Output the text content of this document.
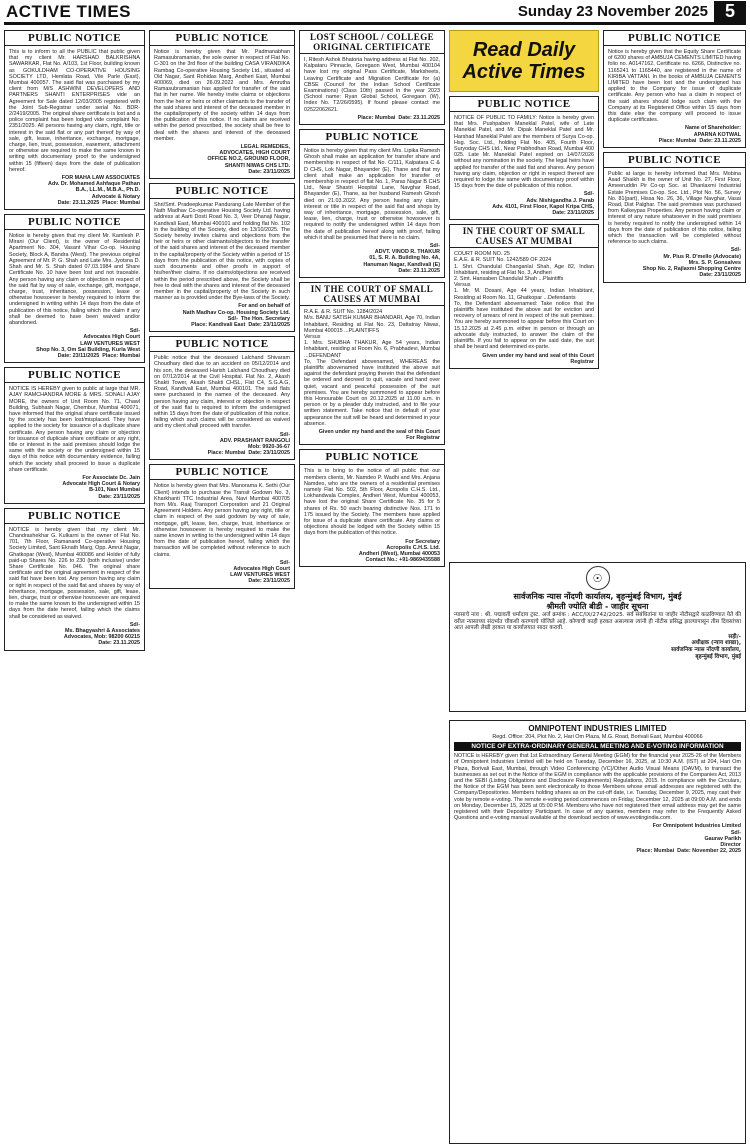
ACTIVE TIMES	Sunday 23 November 2025 5
PUBLIC NOTICE
This is to inform to all the PUBLIC that public given that my client Mr. HARSHAD BALKRISHNA SAWARKAR, Flat No. A/103, 1st Floor, building known as GOKULDHAM CO-OPERATIVE HOUSING SOCIETY LTD, Hemlata Road, Vile Parle (East), Mumbai 400057. The said flat was purchased by my client from M/S ASHWINI DEVELOPERS AND PARTNERS SHANTI ENTERPRISES vide an Agreement for Sale dated 12/03/2005 registered with the Joint Sub-Registrar under serial No. BDR-2/2419/2005. The original share certificate is lost and a police complaint has been lodged vide complaint No. 2351/2025. All persons having any claim, right, title or interest in the said flat or any part thereof by way of sale, gift, lease, inheritance, exchange, mortgage, charge, lien, trust, possession, easement, attachment or otherwise are required to make the same known in writing with documentary proof to the undersigned within 15 (fifteen) days from the date of publication hereof.
FOR MAHA LAW ASSOCIATES
Adv. Dr. Mohamed Ashfaque Pathan
B.A., LL.M., M.B.A., Ph.D.
Advocate & Notary
Date: 23.11.2025  Place: Mumbai
PUBLIC NOTICE
Notice is hereby given that my client Mr. Kamlesh P. Mirani (Our Client), is the owner of Residential Apartment No. 304, Vasant Vihar Co-op. Housing Society, Block A, Bandra (West). The previous original Agreement of Mr. P. G. Shah and Late Mrs. Jyotsna D. Shah and Mr. S. Shah dated 07.03.1984 and Share Certificate No. 10 have been lost and not traceable. Any person having any claim or objection in respect of the said flat by way of sale, exchange, gift, mortgage, charge, trust, inheritance, possession, lease or otherwise howsoever is hereby required to inform the undersigned in writing within 14 days from the date of publication of this notice, failing which the claim if any shall be deemed to have been waived and/or abandoned.
Sd/-
Advocates High Court
LAW VENTURES WEST
Shop No. 3, Om Sai Building, Kurla West
Date: 23/11/2025  Place: Mumbai
PUBLIC NOTICE
NOTICE IS HEREBY given to public at large that MR. AJAY RAMCHANDRA MORE & MRS. SONALI AJAY MORE, the owners of Unit Room No. 71, Chawl Building, Subhash Nagar, Chembur, Mumbai 400071, have informed that the original share certificate issued by the society has been lost/misplaced. They have applied to the society for issuance of a duplicate share certificate. Any person having any claim or objection for issuance of duplicate share certificate or any right, title or interest in the said premises should lodge the same with the society or the undersigned within 15 days of this notice with documentary evidence, failing which the society shall proceed to issue a duplicate share certificate.
For Associate Dc. Jain
Advocate High Court & Notary
B-101, Navi Mumbai
Date: 23/11/2025
PUBLIC NOTICE
NOTICE is hereby given that my client Mr. Chandrashekhar G. Kulkarni is the owner of Flat No. 701, 7th Floor, Ramanand Co-operative Housing Society Limited, Sant Eknath Marg, Opp. Amrut Nagar, Ghatkopar (West), Mumbai 400086 and Holder of fully paid-up Shares No. 226 to 230 (both inclusive) under Share Certificate No. 046. The original share certificate and the original agreement in respect of the said flat have been lost. Any person having any claim or right in respect of the said flat and shares by way of inheritance, mortgage, possession, sale, gift, lease, lien, charge, trust or otherwise howsoever are required to make the same known to the undersigned within 15 days from the date hereof, failing which the claims shall be considered as waived.
Sd/-
Ms. Bhagyashri & Associates
Advocates, Mob: 98200 60215
Date: 23.11.2025
PUBLIC NOTICE
Notice is hereby given that Mr. Padmanabhan Ramasubramanian, the sole owner in respect of Flat No. C-301 on the 3rd floor of the building CASA VIRANDIKA Rambag Co-operative Housing Society Ltd., situated at Old Nagar, Sant Rohidas Marg, Andheri East, Mumbai 400069, died on 26.09.2022 and Mrs. Amrutha Ramasubramanian has applied for transfer of the said flat in her name. We hereby invite claims or objections from the heir or heirs or other claimants to the transfer of the said shares and interest of the deceased member in the capital/property of the society within 14 days from the publication of this notice. If no claims are received within the period prescribed, the society shall be free to deal with the shares and interest of the deceased member.
LEGAL REMEDIES,
ADVOCATES, HIGH COURT
OFFICE NO.2, GROUND FLOOR,
SHANTI NIWAS CHS LTD.
Date: 23/11/2025
PUBLIC NOTICE
Shri/Smt. Pradeepkumar Pandurang Late Member of the Nath Madhav Co-operative Housing Society Ltd. having address at Aarti Dosti Road No. 3, Veer Dhanaji Nagar, Kandivali East, Mumbai 400101 and holding flat No. 102 in the building of the Society, died on 13/10/2025. The Society hereby invites claims and objections from the heir or heirs or other claimants/objectors to the transfer of the said shares and interest of the deceased member in the capital/property of the Society within a period of 15 days from the publication of this notice, with copies of such documents and other proofs in support of his/her/their claims. If no claims/objections are received within the period prescribed above, the Society shall be free to deal with the shares and interest of the deceased member in the capital/property of the Society in such manner as is provided under the Bye-laws of the Society.
For and on behalf of
Nath Madhav Co-op. Housing Society Ltd.
Sd/-  The Hon. Secretary
Place: Kandivali East  Date: 23/11/2025
PUBLIC NOTICE
Public notice that the deceased Lalchand Shivaram Choudhary died due to an accident on 05/12/2014 and his son, the deceased Harish Lalchand Choudhary died on 07/12/2014 at the Civil Hospital. Flat No. 2, Akash Shakti Tower, Akash Shakti CHSL, Flat C4, S.G.A.G, Road, Kandivali East, Mumbai 400101. The said flats were purchased in the names of the deceased. Any person having any claim, interest or objection in respect of the said flat is required to inform the undersigned within 15 days from the date of publication of this notice, failing which such claims will be considered as waived and my client shall proceed with transfer.
Sd/-
ADV. PRASHANT RANGOLI
Mob: 9920-36-67
Place: Mumbai  Date: 23/11/2025
PUBLIC NOTICE
Notice is hereby given that Mrs. Manorama K. Sethi (Our Client) intends to purchase the Transit Godown No. 3, Kharkhanti TTC Industrial Area, Navi Mumbai 400705 from M/s. Raaj Transport Corporation and 21 Original Agreement Holders. Any person having any right, title or claim in respect of the said godown by way of sale, mortgage, gift, lease, lien, charge, trust, inheritance or otherwise howsoever is hereby required to make the same known in writing to the undersigned within 14 days from the date of publication hereof, failing which the transaction will be completed without reference to such claims.
Sd/-
Advocates High Court
LAW VENTURES WEST
Date: 23/11/2025
LOST SCHOOL / COLLEGE ORIGINAL CERTIFICATE
I, Ritesh Ashok Bhatoria having address at Flat No. 202, Kalpataru Pinnacle, Goregaon West, Mumbai 400104 have lost my original Pass Certificate, Marksheets, Leaving Certificate and Migration Certificate for (a) CBSE (Council for the Indian School Certificate Examinations) (Class 10th) passed in the year 2023 (School name: Ryan Global School, Goregaon (W), Index No. T2/26/0595). If found please contact me 02522062621.
Place: Mumbai  Date: 23.11.2025
PUBLIC NOTICE
Notice is hereby given that my client Mrs. Lipika Ramesh Ghosh shall make an application for transfer share and membership in respect of flat No. C/111, Kalpatara C & D CHS, Lok Nagar, Bhayander (E), Thane and that my client shall make an application for transfer of membership in respect of flat No. 1, Paras Nagar B CHS Ltd., Near Shastri Hospital Lane, Navghar Road, Bhayander (E), Thane, as her husband Ramesh Ghosh died on 21.03.2022. Any person having any claim, interest or title in respect of the said flat and shops by way of inheritance, mortgage, possession, sale, gift, lease, lien, charge, trust or otherwise howsoever is required to notify the undersigned within 14 days from the date of publication hereof along with proof, failing which it shall be presumed that there is no claim.
Sd/-
ADVT. VINOD R. THAKUR
01, S. R. A. Building No. 4A,
Hanuman Nagar, Kandivali (E)
Date: 23.11.2025
IN THE COURT OF SMALL CAUSES AT MUMBAI
R.A.E. & R. SUIT No. 1284/2024
M/s. BANU SATISH KUMAR BHANDARI, Age 70, Indian Inhabitant, Residing at Flat No. 23, Dattatray Niwas, Mumbai 400015 ...PLAINTIFFS
Versus
1. Mrs. SHUBHA THAKUR, Age 54 years, Indian Inhabitant, residing at Room No. 6, Prabhadevi, Mumbai ...DEFENDANT
To, The Defendant abovenamed, WHEREAS the plaintiffs abovenamed have instituted the above suit against the defendant praying therein that the defendant be ordered and decreed to quit, vacate and hand over quiet, vacant and peaceful possession of the suit premises. You are hereby summoned to appear before this Honourable Court on 20.12.2025 at 11.00 a.m. in person or by a pleader duly instructed, and to file your written statement. Take notice that in default of your appearance the suit will be heard and determined in your absence.
Given under my hand and the seal of this Court
For Registrar
PUBLIC NOTICE
This is to bring to the notice of all public that our members clients, Mr. Namdeo P. Wadhi and Mrs. Anjana Namdeo, who are the owners of a residential premises namely Flat No. 502, 5th Floor, Acropolis C.H.S. Ltd., Lokhandwala Complex, Andheri West, Mumbai 400053, have lost the original Share Certificate No. 35 for 5 shares of Rs. 50 each bearing distinctive Nos. 171 to 175 issued by the Society. The members have applied for issue of a duplicate share certificate. Any claims or objections should be lodged with the Society within 15 days from the publication of this notice.
For Secretary
Acropolis C.H.S. Ltd.
Andheri (West), Mumbai 400053
Contact No.: +91-9869435588
Read Daily Active Times
PUBLIC NOTICE
NOTICE OF PUBLIC TO FAMILY: Notice is hereby given that Mrs. Pushpaben Maneklal Patel, wife of Late Maneklal Patel, and Mr. Dipak Maneklal Patel and Mr. Harshad Maneklal Patel are the members of Surya Co-op. Hsg. Soc. Ltd., holding Flat No. 405, Fourth Floor, Suryoday CHS Ltd., Near Prabhodhan Road, Mumbai 400 025. Late Mr. Maneklal Patel expired on 14/07/2026 without any nomination in the society. The legal heirs have applied for transfer of the said flat and shares. Any person having any claim, objection or right in respect thereof are required to lodge the same with documentary proof within 15 days from the date of publication of this notice.
Sd/-
Adv. Nishigandha J. Parab
Adv. 4101, First Floor, Kapol Kripa CHS,
Date: 23/11/2025
IN THE COURT OF SMALL CAUSES AT MUMBAI
COURT ROOM NO. 25
E.A.E. & R. SUIT No. 1242/589 OF 2024
1. Shri. Chandulal Changanlal Shah, Age 82, Indian Inhabitant, residing at Flat No. 3, Andheri
2. Smt. Hansaben Chandulal Shah ...Plaintiffs
Versus
1. Mr. M. Dosani, Age 44 years, Indian Inhabitant, Residing at Room No. 11, Ghatkopar ...Defendants
To, the Defendant abovenamed: Take notice that the plaintiffs have instituted the above suit for eviction and recovery of arrears of rent in respect of the suit premises. You are hereby summoned to appear before this Court on 15.12.2025 at 2.45 p.m. either in person or through an advocate duly instructed, to answer the claim of the plaintiffs. If you fail to appear on the said date, the suit shall be heard and determined ex-parte.
Given under my hand and seal of this Court
Registrar
PUBLIC NOTICE
Notice is hereby given that the Equity Share Certificate of 6200 shares of AMBUJA CEMENTS LIMITED having folio no. A0147162, Certificate no. 6266, Distinctive no. 1165241 to 1165440, are registered in the name of KIRIBA VATTANI. In the books of AMBUJA CEMENTS LIMITED have been lost and the undersigned has applied to the Company for issue of duplicate certificate. Any person who has a claim in respect of the said shares should lodge such claim with the Company at its Registered Office within 15 days from this date else the company will proceed to issue duplicate certificates.
Name of Shareholder:
APARNA KOTWAL
Place: Mumbai  Date: 23.11.2025
PUBLIC NOTICE
Public at large is hereby informed that Mrs. Mobina Asad Shaikh is the owner of Unit No. 27, First Floor, Ameeruddin Pir Co-op Soc. at Dhanlaxmi Industrial Estate Premises Co-op. Soc. Ltd., Plot No. 56, Survey No. 81(part), Hissa No. 26, 36, Village Navghar, Vasai Road, Dist Palghar. The said premises was purchased from Kalkeypas Properties. Any person having claim or interest of any nature whatsoever in the said premises is hereby required to notify the undersigned within 14 days from the date of publication of this notice, failing which the transaction will be completed without reference to such claims.
Sd/-
Mr. Pius R. D'mello (Advocate)
Mrs. S. P. Gonsalves
Shop No. 2, Rajlaxmi Shopping Centre
Date: 23/11/2025
☉
सार्वजनिक न्यास नोंदणी कार्यालय, बृहन्मुंबई विभाग, मुंबई
श्रीमती ज्योति बीडी - जाहीर सूचना
न्यासाचे नाव : श्री. पद्मावती धर्मादाय ट्रस्ट. अर्ज क्रमांक : ACC/IX/2742/2025. सर्व संबंधितांना या जाहीर नोटीसद्वारे कळविण्यात येते की वरील न्यासाच्या संदर्भात चौकशी करण्याचे योजिले आहे. कोणाची काही हरकत असल्यास त्यांनी ही नोटीस प्रसिद्ध झाल्यापासून तीस दिवसांच्या आत आपली लेखी हरकत या कार्यालयात सादर करावी.
सही/-
अधीक्षक (न्याय शाखा),
सार्वजनिक न्यास नोंदणी कार्यालय,
बृहन्मुंबई विभाग, मुंबई
OMNIPOTENT INDUSTRIES LIMITED
Regd. Office: 204, Plot No. 2, Hari Om Plaza, M.G. Road, Borivali East, Mumbai 400066
NOTICE OF EXTRA-ORDINARY GENERAL MEETING AND E-VOTING INFORMATION
NOTICE is HEREBY given that 1st Extraordinary General Meeting (EGM) for the financial year 2025-26 of the Members of Omnipotent Industries Limited will be held on Tuesday, December 16, 2025, at 10:30 A.M. (IST) at 204, Hari Om Plaza, Borivali East, Mumbai, through Video Conferencing (VC)/Other Audio Visual Means (OAVM), to transact the businesses as set out in the Notice of the EGM in compliance with the applicable provisions of the Companies Act, 2013 and the SEBI (Listing Obligations and Disclosure Requirements) Regulations, 2015. In compliance with the Circulars, the Notice of the EGM has been sent electronically to those Members whose email addresses are registered with the Company/Depositories. Members holding shares as on the cut-off date, i.e. Tuesday, December 9, 2025, may cast their vote by remote e-voting. The remote e-voting period commences on Friday, December 12, 2025 at 09:00 A.M. and ends on Monday, December 15, 2025 at 05:00 P.M. Members who have not registered their email address may get the same registered with their Depository Participant. In case of any queries, members may refer to the Frequently Asked Questions and e-voting manual available at the download section of www.evotingindia.com.
For Omnipotent Industries Limited
Sd/-
Gaurav Parikh
Director
Place: Mumbai  Date: November 22, 2025
